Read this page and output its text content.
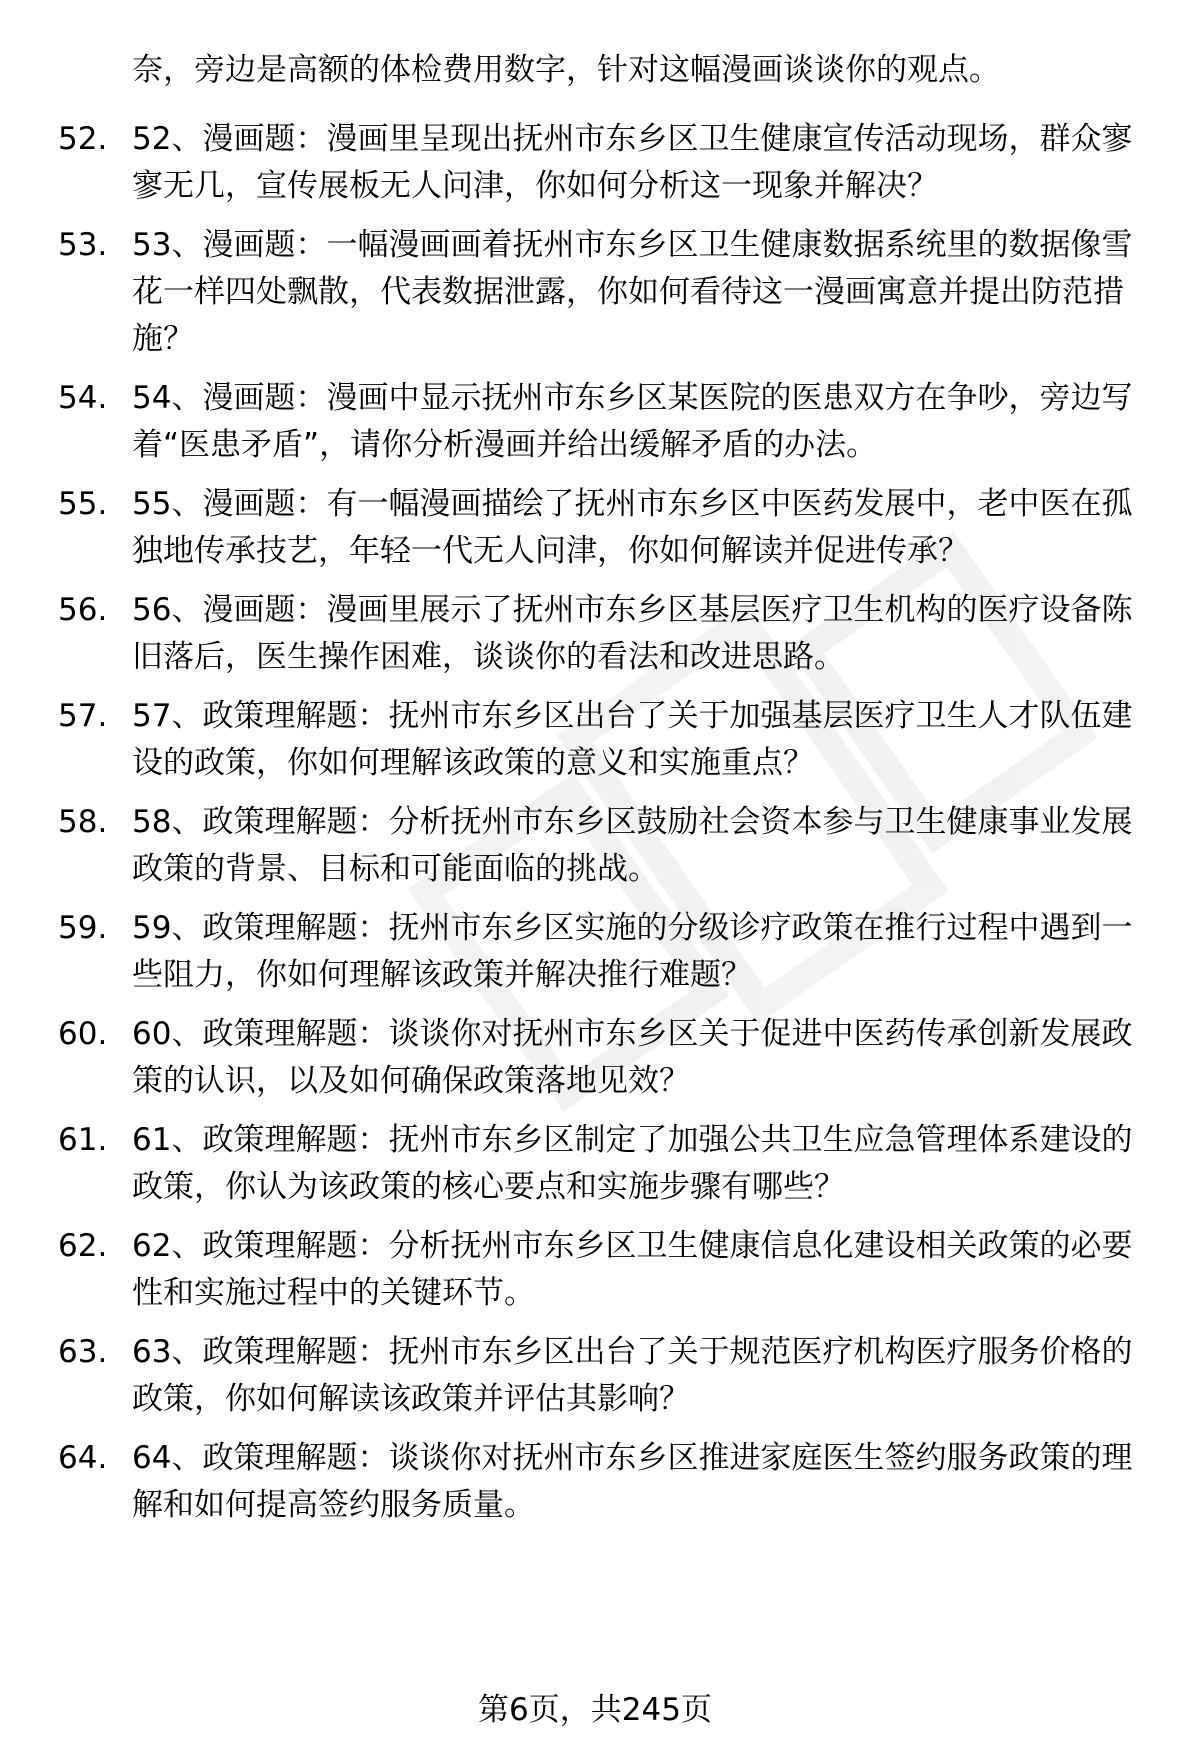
奈，旁边是高额的体检费用数字，针对这幅漫画谈谈你的观点。
52. 52、漫画题：漫画里呈现出抚州市东乡区卫生健康宣传活动现场，群众寥寥无几，宣传展板无人问津，你如何分析这一现象并解决？
53. 53、漫画题：一幅漫画画着抚州市东乡区卫生健康数据系统里的数据像雪花一样四处飘散，代表数据泄露，你如何看待这一漫画寓意并提出防范措施？
54. 54、漫画题：漫画中显示抚州市东乡区某医院的医患双方在争吵，旁边写着“医患矛盾”，请你分析漫画并给出缓解矛盾的办法。
55. 55、漫画题：有一幅漫画描绘了抚州市东乡区中医药发展中，老中医在孤独地传承技艺，年轻一代无人问津，你如何解读并促进传承？
56. 56、漫画题：漫画里展示了抚州市东乡区基层医疗卫生机构的医疗设备陈旧落后，医生操作困难，谈谈你的看法和改进思路。
57. 57、政策理解题：抚州市东乡区出台了关于加强基层医疗卫生人才队伍建设的政策，你如何理解该政策的意义和实施重点？
58. 58、政策理解题：分析抚州市东乡区鼓励社会资本参与卫生健康事业发展政策的背景、目标和可能面临的挑战。
59. 59、政策理解题：抚州市东乡区实施的分级诊疗政策在推行过程中遇到一些阻力，你如何理解该政策并解决推行难题？
60. 60、政策理解题：谈谈你对抚州市东乡区关于促进中医药传承创新发展政策的认识，以及如何确保政策落地见效？
61. 61、政策理解题：抚州市东乡区制定了加强公共卫生应急管理体系建设的政策，你认为该政策的核心要点和实施步骤有哪些？
62. 62、政策理解题：分析抚州市东乡区卫生健康信息化建设相关政策的必要性和实施过程中的关键环节。
63. 63、政策理解题：抚州市东乡区出台了关于规范医疗机构医疗服务价格的政策，你如何解读该政策并评估其影响？
64. 64、政策理解题：谈谈你对抚州市东乡区推进家庭医生签约服务政策的理解和如何提高签约服务质量。
第6页，共245页
